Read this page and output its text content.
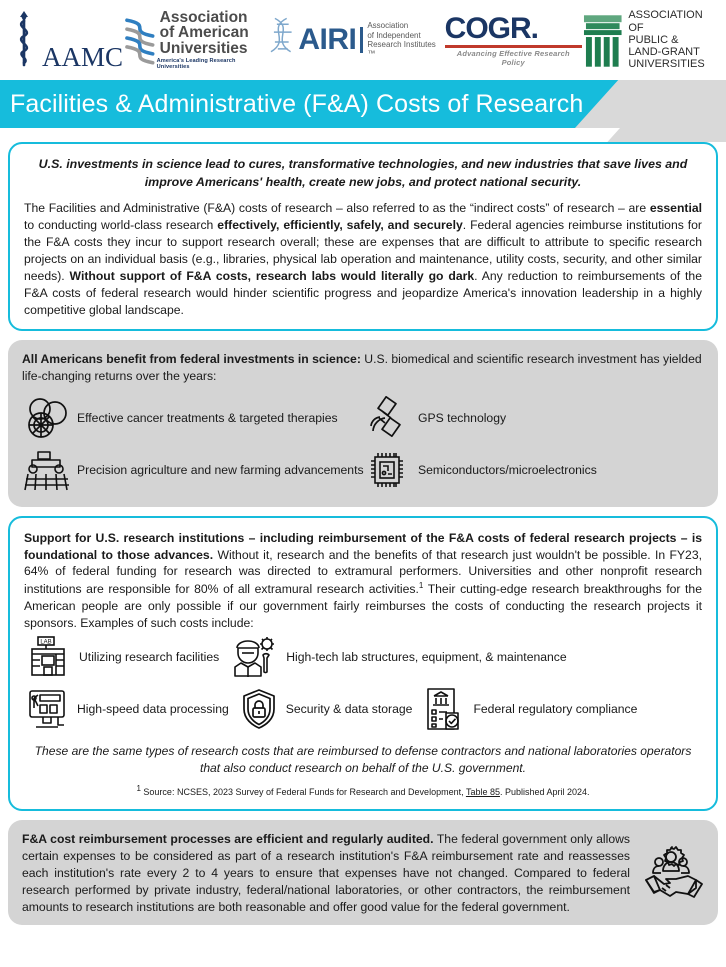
AAMC
Association
of American
Universities
America's Leading Research Universities
AIRI Association
of Independent
Research Institutes ™
COGR.
Advancing Effective Research Policy
ASSOCIATION OF
PUBLIC &
LAND-GRANT
UNIVERSITIES
Facilities & Administrative (F&A) Costs of Research

U.S. investments in science lead to cures, transformative technologies, and new industries that save lives and improve Americans' health, create new jobs, and protect national security.

The Facilities and Administrative (F&A) costs of research – also referred to as the “indirect costs” of research – are essential to conducting world-class research effectively, efficiently, safely, and securely. Federal agencies reimburse institutions for the F&A costs they incur to support research overall; these are expenses that are difficult to attribute to specific research projects on an individual basis (e.g., libraries, physical lab operation and maintenance, utility costs, security, and other similar needs). Without support of F&A costs, research labs would literally go dark. Any reduction to reimbursements of the F&A costs of federal research would hinder scientific progress and jeopardize America's innovation leadership in a highly competitive global landscape.

All Americans benefit from federal investments in science: U.S. biomedical and scientific research investment has yielded life-changing returns over the years:

Effective cancer treatments & targeted therapies	GPS technology
Precision agriculture and new farming advancements	Semiconductors/microelectronics

Support for U.S. research institutions – including reimbursement of the F&A costs of federal research projects – is foundational to those advances. Without it, research and the benefits of that research just wouldn't be possible. In FY23, 64% of federal funding for research was directed to extramural performers. Universities and other nonprofit research institutions are responsible for 80% of all extramural research activities.$^1$ Their cutting-edge research breakthroughs for the American people are only possible if our government fairly reimburses the costs of conducting the research projects it sponsors. Examples of such costs include:

LAB
Utilizing research facilities	High-tech lab structures, equipment, & maintenance
High-speed data processing	Security & data storage	Federal regulatory compliance

These are the same types of research costs that are reimbursed to defense contractors and national laboratories operators that also conduct research on behalf of the U.S. government.

$^1$ Source: NCSES, 2023 Survey of Federal Funds for Research and Development, Table 85. Published April 2024.

F&A cost reimbursement processes are efficient and regularly audited. The federal government only allows certain expenses to be considered as part of a research institution's F&A reimbursement rate and reassesses each institution's rate every 2 to 4 years to ensure that expenses have not changed. Compared to federal research performed by private industry, federal/national laboratories, or other contractors, the reimbursement amounts to research institutions are both reasonable and offer good value for the federal government.
